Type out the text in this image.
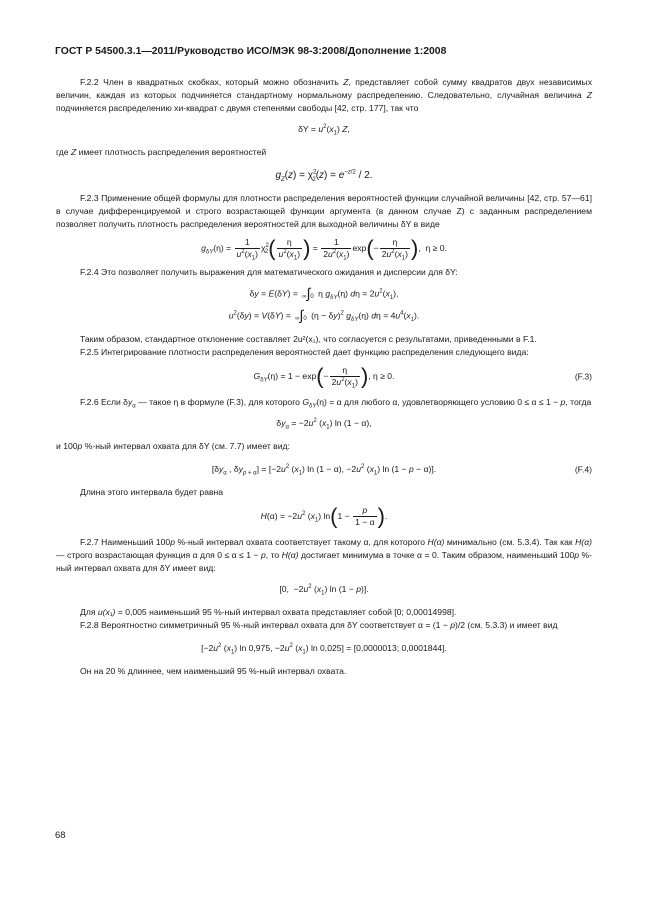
ГОСТ Р 54500.3.1—2011/Руководство ИСО/МЭК 98-3:2008/Дополнение 1:2008

F.2.2 Член в квадратных скобках, который можно обозначить Z, представляет собой сумму квадратов двух независимых величин, каждая из которых подчиняется стандартному нормальному распределению. Следовательно, случайная величина Z подчиняется распределению хи-квадрат с двумя степенями свободы [42, стр. 177], так что

$\delta Y = u^2(x_1)$ Z,

где Z имеет плотность распределения вероятностей

$g_Z(z) = \chi^2_2(z) = e^{-z/2} / 2$.

F.2.3 Применение общей формулы для плотности распределения вероятностей функции случайной величины [42, стр. 57—61] в случае дифференцируемой и строго возрастающей функции аргумента (в данном случае Z) с заданным распределением позволяет получить плотность распределения вероятностей для выходной величины δY в виде

$g_{\delta Y}(\eta) = \frac{1}{u^2(x_1)} \chi^2_2( \frac{\eta}{u^2(x_1)}$ ) = $\frac{1}{2u^2(x_1)} \exp(- \frac{\eta}{2u^2(x_1)}$ ),  η ≥ 0.

F.2.4 Это позволяет получить выражения для математического ожидания и дисперсии для δY:

δy = E(δY) = ∞∫0 η $g_{\delta Y}(\eta) d\eta = 2u^2(x_1)$,

$u^2(\delta y) = V(\delta Y) = \infty\int 0$ $(\eta - \delta y)^2$ $g_{\delta Y}(\eta) d\eta = 4u^4(x_1)$.

Таким образом, стандартное отклонение составляет 2u²(x₁), что согласуется с результатами, приведенными в F.1.

F.2.5 Интегрирование плотности распределения вероятностей дает функцию распределения следующего вида:

$G_{\delta Y}(\eta) = 1 - \exp(- \frac{\eta}{2u^2(x_1)}$ ), η ≥ 0.	(F.3)

F.2.6 Если $\delta y_\alpha$ — такое η в формуле (F.3), для которого $G_{\delta Y}(\eta) = \alpha$ для любого α, удовлетворяющего условию 0 ≤ α ≤ 1 − p, тогда

$\delta y_\alpha = -2u^2$ $(x_1)$ ln (1 − α),

и 100p %-ный интервал охвата для δY (см. 7.7) имеет вид:

[$\delta y_\alpha$ , $\delta y_{p + \alpha}] = [-2u^2$ $(x_1)$ ln (1 − α), $-2u^2$ $(x_1)$ ln (1 − p − α)].	(F.4)

Длина этого интервала будет равна

$H(\alpha) = -2u^2$ $(x_1) \ln(1 - \frac{p}{1 - \alpha}$ ).

F.2.7 Наименьший 100p %-ный интервал охвата соответствует такому α, для которого H(α) минимально (см. 5.3.4). Так как H(α) — строго возрастающая функция α для 0 ≤ α ≤ 1 − p, то H(α) достигает минимума в точке α = 0. Таким образом, наименьший 100p %-ный интервал охвата для δY имеет вид:

[0,  $-2u^2$ $(x_1)$ ln (1 − p)].

Для u(x₁) = 0,005 наименьший 95 %-ный интервал охвата представляет собой [0; 0,00014998].

F.2.8 Вероятностно симметричный 95 %-ный интервал охвата для δY соответствует α = (1 − p)/2 (см. 5.3.3) и имеет вид

[$-2u^2$ $(x_1)$ ln 0,975, $-2u^2$ $(x_1)$ ln 0,025] = [0,0000013; 0,0001844].

Он на 20 % длиннее, чем наименьший 95 %-ный интервал охвата.

68
